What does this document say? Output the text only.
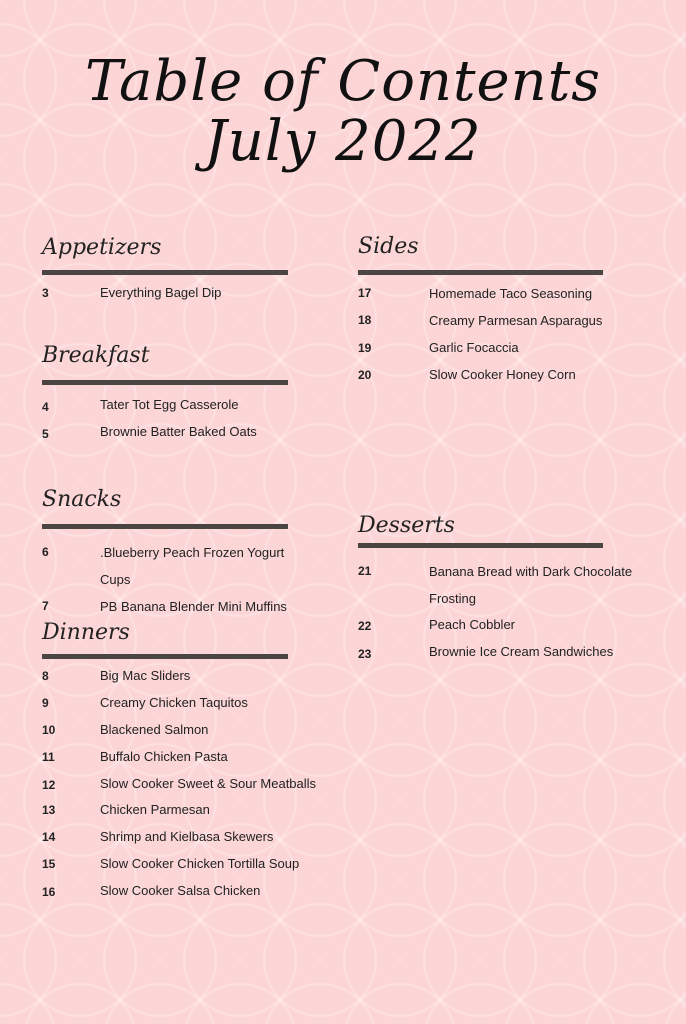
Table of Contents
July 2022
Appetizers
3	Everything Bagel Dip
Breakfast
4	Tater Tot Egg Casserole
5	Brownie Batter Baked Oats
Snacks
6	.Blueberry Peach Frozen Yogurt
Cups
7	PB Banana Blender Mini Muffins
Dinners
8	Big Mac Sliders
9	Creamy Chicken Taquitos
10	Blackened Salmon
11	Buffalo Chicken Pasta
12	Slow Cooker Sweet & Sour Meatballs
13	Chicken Parmesan
14	Shrimp and Kielbasa Skewers
15	Slow Cooker Chicken Tortilla Soup
16	Slow Cooker Salsa Chicken
Sides
17	Homemade Taco Seasoning
18	Creamy Parmesan Asparagus
19	Garlic Focaccia
20	Slow Cooker Honey Corn
Desserts
21	Banana Bread with Dark Chocolate
Frosting
22	Peach Cobbler
23	Brownie Ice Cream Sandwiches
